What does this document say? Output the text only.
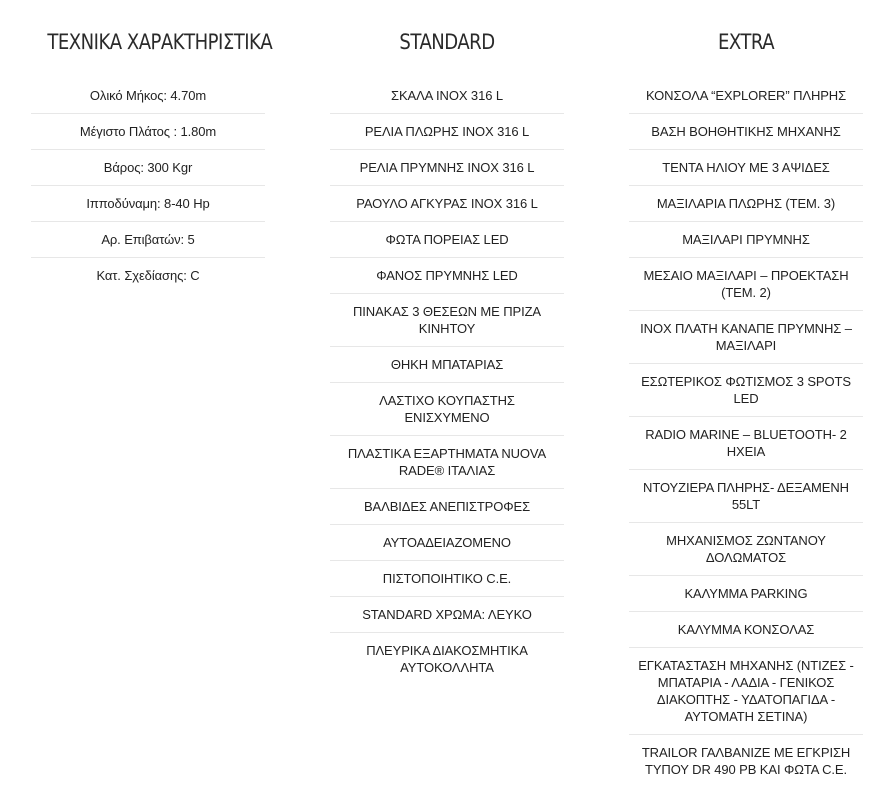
ΤΕΧΝΙΚΑ ΧΑΡΑΚΤΗΡΙΣΤΙΚΑ
Ολικό Μήκος: 4.70m
Μέγιστο Πλάτος : 1.80m
Βάρος: 300 Kgr
Ιπποδύναμη: 8-40 Hp
Αρ. Επιβατών: 5
Κατ. Σχεδίασης: C
STANDARD
ΣΚΑΛΑ INOX 316 L
ΡΕΛΙΑ ΠΛΩΡΗΣ INOX 316 L
ΡΕΛΙΑ ΠΡΥΜΝΗΣ INOX 316 L
ΡΑΟΥΛΟ ΑΓΚΥΡΑΣ INOX 316 L
ΦΩΤΑ ΠΟΡΕΙΑΣ LED
ΦΑΝΟΣ ΠΡΥΜΝΗΣ LED
ΠΙΝΑΚΑΣ 3 ΘΕΣΕΩΝ ΜΕ ΠΡΙΖΑ ΚΙΝΗΤΟΥ
ΘΗΚΗ ΜΠΑΤΑΡΙΑΣ
ΛΑΣΤΙΧΟ ΚΟΥΠΑΣΤΗΣ ΕΝΙΣΧΥΜΕΝΟ
ΠΛΑΣΤΙΚΑ ΕΞΑΡΤΗΜΑΤΑ NUOVA RADE® ΙΤΑΛΙΑΣ
ΒΑΛΒΙΔΕΣ ΑΝΕΠΙΣΤΡΟΦΕΣ
ΑΥΤΟΑΔΕΙΑΖΟΜΕΝΟ
ΠΙΣΤΟΠΟΙΗΤΙΚΟ C.E.
STANDARD ΧΡΩΜΑ: ΛΕΥΚΟ
ΠΛΕΥΡΙΚΑ ΔΙΑΚΟΣΜΗΤΙΚΑ ΑΥΤΟΚΟΛΛΗΤΑ
EXTRA
ΚΟΝΣΟΛΑ “EXPLORER” ΠΛΗΡΗΣ
ΒΑΣΗ ΒΟΗΘΗΤΙΚΗΣ ΜΗΧΑΝΗΣ
ΤΕΝΤΑ ΗΛΙΟΥ ΜΕ 3 ΑΨΙΔΕΣ
ΜΑΞΙΛΑΡΙΑ ΠΛΩΡΗΣ (ΤΕΜ. 3)
ΜΑΞΙΛΑΡΙ ΠΡΥΜΝΗΣ
ΜΕΣΑΙΟ ΜΑΞΙΛΑΡΙ – ΠΡΟΕΚΤΑΣΗ (ΤΕΜ. 2)
INOX ΠΛΑΤΗ ΚΑΝΑΠΕ ΠΡΥΜΝΗΣ – ΜΑΞΙΛΑΡΙ
ΕΣΩΤΕΡΙΚΟΣ ΦΩΤΙΣΜΟΣ 3 SPOTS LED
RADIO MARINE – BLUETOOTH- 2 ΗΧΕΙΑ
ΝΤΟΥΖΙΕΡΑ ΠΛΗΡΗΣ- ΔΕΞΑΜΕΝΗ 55LT
ΜΗΧΑΝΙΣΜΟΣ ΖΩΝΤΑΝΟΥ ΔΟΛΩΜΑΤΟΣ
ΚΑΛΥΜΜΑ PARKING
ΚΑΛΥΜΜΑ ΚΟΝΣΟΛΑΣ
ΕΓΚΑΤΑΣΤΑΣΗ ΜΗΧΑΝΗΣ (ΝΤΙΖΕΣ - ΜΠΑΤΑΡΙΑ - ΛΑΔΙΑ - ΓΕΝΙΚΟΣ ΔΙΑΚΟΠΤΗΣ - ΥΔΑΤΟΠΑΓΙΔΑ - ΑΥΤΟΜΑΤΗ ΣΕΤΙΝΑ)
TRAILOR ΓΑΛΒΑΝΙΖΕ ΜΕ ΕΓΚΡΙΣΗ ΤΥΠΟΥ DR 490 PB ΚΑΙ ΦΩΤΑ C.E.
